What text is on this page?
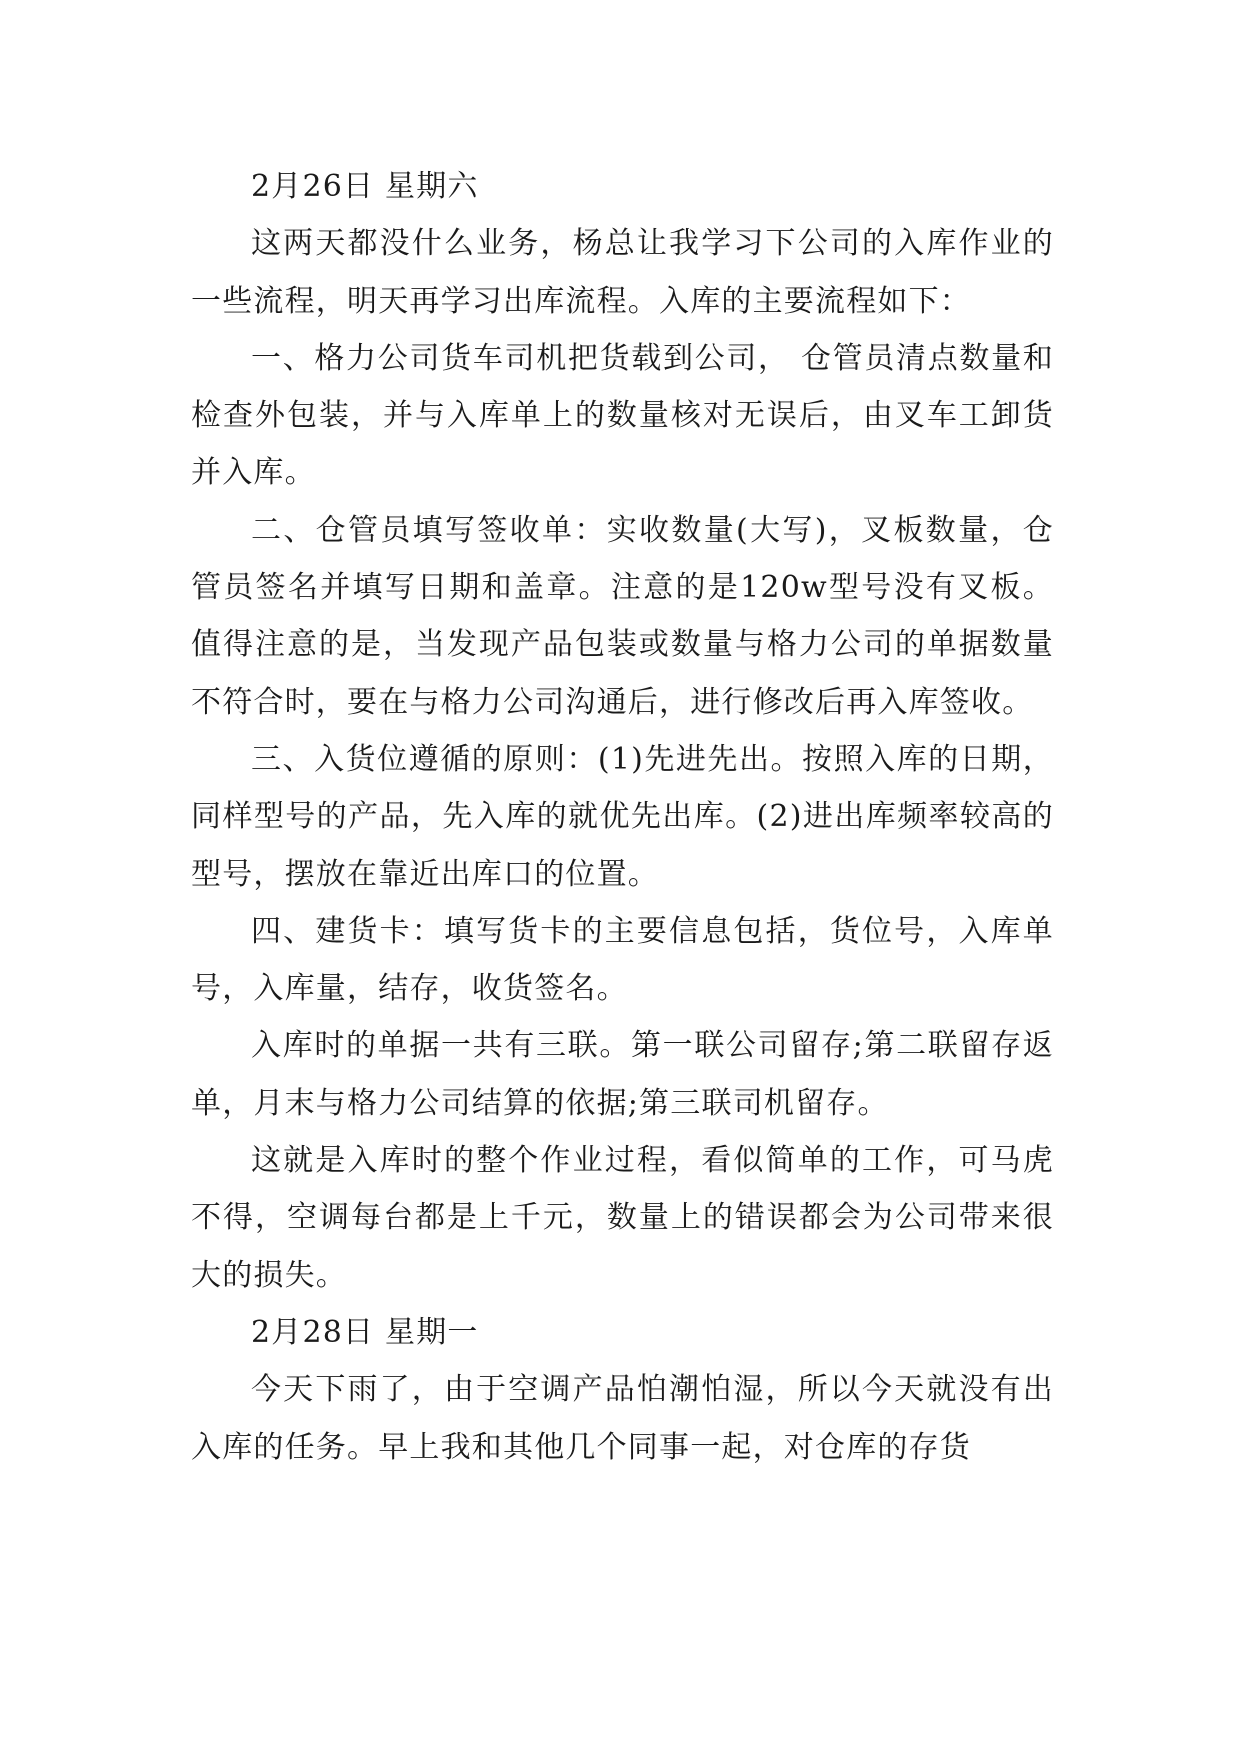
2月26日 星期六

这两天都没什么业务，杨总让我学习下公司的入库作业的一些流程，明天再学习出库流程。入库的主要流程如下：

一、格力公司货车司机把货载到公司， 仓管员清点数量和检查外包装，并与入库单上的数量核对无误后，由叉车工卸货并入库。

二、仓管员填写签收单：实收数量(大写)，叉板数量，仓管员签名并填写日期和盖章。注意的是120w型号没有叉板。值得注意的是，当发现产品包装或数量与格力公司的单据数量不符合时，要在与格力公司沟通后，进行修改后再入库签收。

三、入货位遵循的原则：(1)先进先出。按照入库的日期，同样型号的产品，先入库的就优先出库。(2)进出库频率较高的型号，摆放在靠近出库口的位置。

四、建货卡：填写货卡的主要信息包括，货位号，入库单号，入库量，结存，收货签名。

入库时的单据一共有三联。第一联公司留存;第二联留存返单，月末与格力公司结算的依据;第三联司机留存。

这就是入库时的整个作业过程，看似简单的工作，可马虎不得，空调每台都是上千元，数量上的错误都会为公司带来很大的损失。

2月28日 星期一

今天下雨了，由于空调产品怕潮怕湿，所以今天就没有出入库的任务。早上我和其他几个同事一起，对仓库的存货
